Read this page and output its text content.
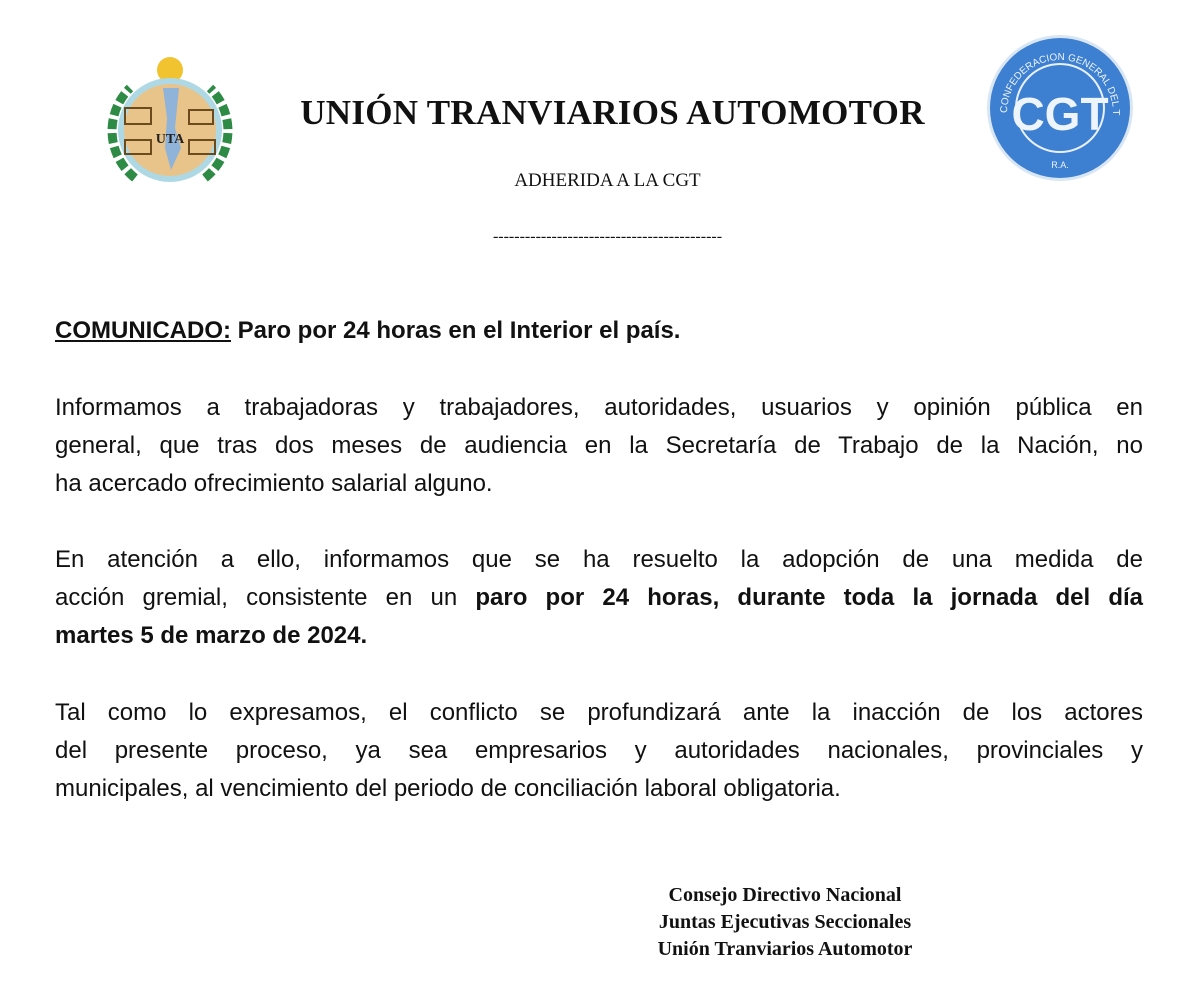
UTA
UNIÓN TRANVIARIOS AUTOMOTOR
ADHERIDA A LA CGT
-------------------------------------------
CONFEDERACION GENERAL DEL T
CGT
R.A.
COMUNICADO: Paro por 24 horas en el Interior el país.
Informamos a trabajadoras y trabajadores, autoridades, usuarios y opinión pública en
general, que tras dos meses de audiencia en la Secretaría de Trabajo de la Nación, no
ha acercado ofrecimiento salarial alguno.
En atención a ello, informamos que se ha resuelto la adopción de una medida de
acción gremial, consistente en un paro por 24 horas, durante toda la jornada del día
martes 5 de marzo de 2024.
Tal como lo expresamos, el conflicto se profundizará ante la inacción de los actores
del presente proceso, ya sea empresarios y autoridades nacionales, provinciales y
municipales, al vencimiento del periodo de conciliación laboral obligatoria.
Consejo Directivo Nacional
Juntas Ejecutivas Seccionales
Unión Tranviarios Automotor
